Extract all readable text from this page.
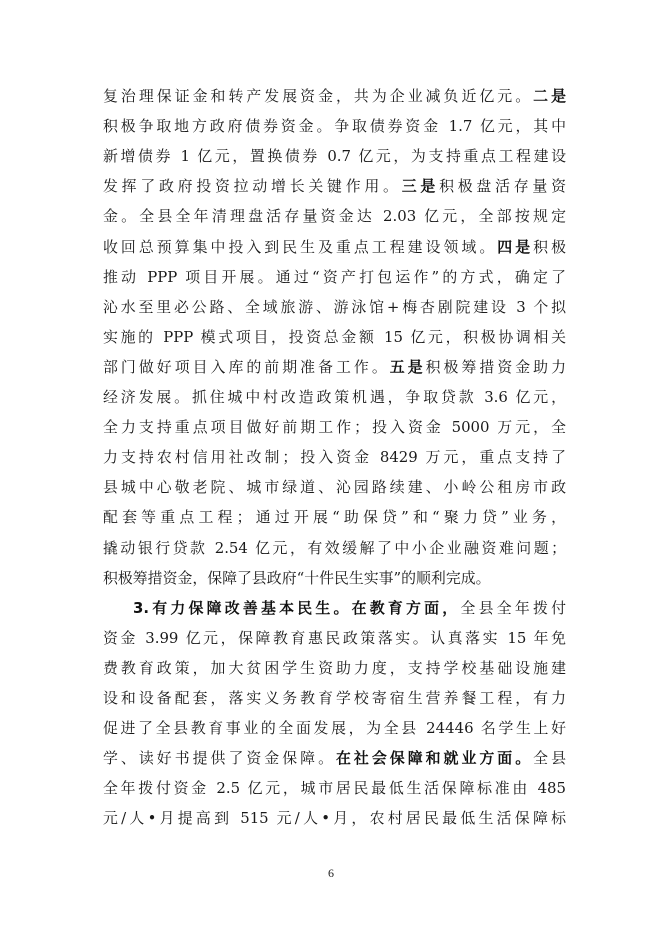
复治理保证金和转产发展资金，共为企业减负近亿元。二是
积极争取地方政府债券资金。争取债券资金 1.7 亿元，其中
新增债券 1 亿元，置换债券 0.7 亿元，为支持重点工程建设
发挥了政府投资拉动增长关键作用。三是积极盘活存量资
金。全县全年清理盘活存量资金达 2.03 亿元，全部按规定
收回总预算集中投入到民生及重点工程建设领域。四是积极
推动 PPP 项目开展。通过“资产打包运作”的方式，确定了
沁水至里必公路、全域旅游、游泳馆+梅杏剧院建设 3 个拟
实施的 PPP 模式项目，投资总金额 15 亿元，积极协调相关
部门做好项目入库的前期准备工作。五是积极筹措资金助力
经济发展。抓住城中村改造政策机遇，争取贷款 3.6 亿元，
全力支持重点项目做好前期工作；投入资金 5000 万元，全
力支持农村信用社改制；投入资金 8429 万元，重点支持了
县城中心敬老院、城市绿道、沁园路续建、小岭公租房市政
配套等重点工程；通过开展“助保贷”和“聚力贷”业务，
撬动银行贷款 2.54 亿元，有效缓解了中小企业融资难问题；
积极筹措资金，保障了县政府“十件民生实事”的顺利完成。
3.有力保障改善基本民生。在教育方面，全县全年拨付
资金 3.99 亿元，保障教育惠民政策落实。认真落实 15 年免
费教育政策，加大贫困学生资助力度，支持学校基础设施建
设和设备配套，落实义务教育学校寄宿生营养餐工程，有力
促进了全县教育事业的全面发展，为全县 24446 名学生上好
学、读好书提供了资金保障。在社会保障和就业方面。全县
全年拨付资金 2.5 亿元，城市居民最低生活保障标准由 485
元/人•月提高到 515 元/人•月，农村居民最低生活保障标
6
